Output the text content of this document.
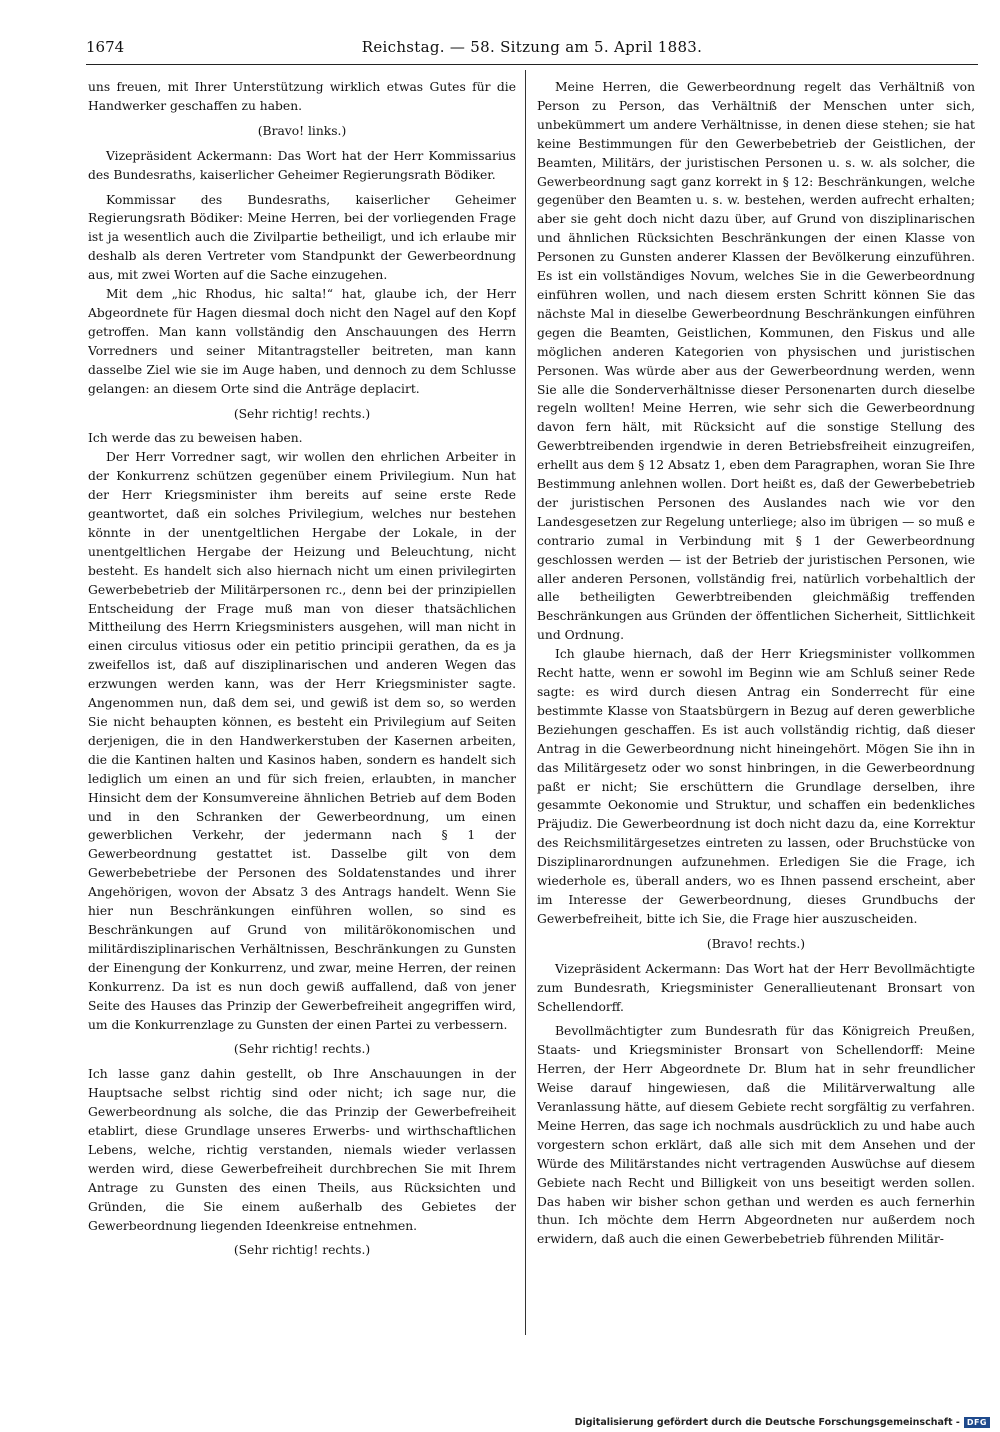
1674	Reichstag. — 58. Sitzung am 5. April 1883.

uns freuen, mit Ihrer Unterstützung wirklich etwas Gutes für die Handwerker geschaffen zu haben.

(Bravo! links.)

Vizepräsident Ackermann: Das Wort hat der Herr Kommissarius des Bundesraths, kaiserlicher Geheimer Regierungsrath Bödiker.

Kommissar des Bundesraths, kaiserlicher Geheimer Regierungsrath Bödiker: Meine Herren, bei der vorliegenden Frage ist ja wesentlich auch die Zivilpartie betheiligt, und ich erlaube mir deshalb als deren Vertreter vom Standpunkt der Gewerbeordnung aus, mit zwei Worten auf die Sache einzugehen.

Mit dem „hic Rhodus, hic salta!“ hat, glaube ich, der Herr Abgeordnete für Hagen diesmal doch nicht den Nagel auf den Kopf getroffen. Man kann vollständig den Anschauungen des Herrn Vorredners und seiner Mitantragsteller beitreten, man kann dasselbe Ziel wie sie im Auge haben, und dennoch zu dem Schlusse gelangen: an diesem Orte sind die Anträge deplacirt.

(Sehr richtig! rechts.)

Ich werde das zu beweisen haben.

Der Herr Vorredner sagt, wir wollen den ehrlichen Arbeiter in der Konkurrenz schützen gegenüber einem Privilegium. Nun hat der Herr Kriegsminister ihm bereits auf seine erste Rede geantwortet, daß ein solches Privilegium, welches nur bestehen könnte in der unentgeltlichen Hergabe der Lokale, in der unentgeltlichen Hergabe der Heizung und Beleuchtung, nicht besteht. Es handelt sich also hiernach nicht um einen privilegirten Gewerbebetrieb der Militärpersonen rc., denn bei der prinzipiellen Entscheidung der Frage muß man von dieser thatsächlichen Mittheilung des Herrn Kriegsministers ausgehen, will man nicht in einen circulus vitiosus oder ein petitio principii gerathen, da es ja zweifellos ist, daß auf disziplinarischen und anderen Wegen das erzwungen werden kann, was der Herr Kriegsminister sagte. Angenommen nun, daß dem sei, und gewiß ist dem so, so werden Sie nicht behaupten können, es besteht ein Privilegium auf Seiten derjenigen, die in den Handwerkerstuben der Kasernen arbeiten, die die Kantinen halten und Kasinos haben, sondern es handelt sich lediglich um einen an und für sich freien, erlaubten, in mancher Hinsicht dem der Konsumvereine ähnlichen Betrieb auf dem Boden und in den Schranken der Gewerbeordnung, um einen gewerblichen Verkehr, der jedermann nach § 1 der Gewerbeordnung gestattet ist. Dasselbe gilt von dem Gewerbebetriebe der Personen des Soldatenstandes und ihrer Angehörigen, wovon der Absatz 3 des Antrags handelt. Wenn Sie hier nun Beschränkungen einführen wollen, so sind es Beschränkungen auf Grund von militärökonomischen und militärdisziplinarischen Verhältnissen, Beschränkungen zu Gunsten der Einengung der Konkurrenz, und zwar, meine Herren, der reinen Konkurrenz. Da ist es nun doch gewiß auffallend, daß von jener Seite des Hauses das Prinzip der Gewerbefreiheit angegriffen wird, um die Konkurrenzlage zu Gunsten der einen Partei zu verbessern.

(Sehr richtig! rechts.)

Ich lasse ganz dahin gestellt, ob Ihre Anschauungen in der Hauptsache selbst richtig sind oder nicht; ich sage nur, die Gewerbeordnung als solche, die das Prinzip der Gewerbefreiheit etablirt, diese Grundlage unseres Erwerbs- und wirthschaftlichen Lebens, welche, richtig verstanden, niemals wieder verlassen werden wird, diese Gewerbefreiheit durchbrechen Sie mit Ihrem Antrage zu Gunsten des einen Theils, aus Rücksichten und Gründen, die Sie einem außerhalb des Gebietes der Gewerbeordnung liegenden Ideenkreise entnehmen.

(Sehr richtig! rechts.)

Meine Herren, die Gewerbeordnung regelt das Verhältniß von Person zu Person, das Verhältniß der Menschen unter sich, unbekümmert um andere Verhältnisse, in denen diese stehen; sie hat keine Bestimmungen für den Gewerbebetrieb der Geistlichen, der Beamten, Militärs, der juristischen Personen u. s. w. als solcher, die Gewerbeordnung sagt ganz korrekt in § 12: Beschränkungen, welche gegenüber den Beamten u. s. w. bestehen, werden aufrecht erhalten; aber sie geht doch nicht dazu über, auf Grund von disziplinarischen und ähnlichen Rücksichten Beschränkungen der einen Klasse von Personen zu Gunsten anderer Klassen der Bevölkerung einzuführen. Es ist ein vollständiges Novum, welches Sie in die Gewerbeordnung einführen wollen, und nach diesem ersten Schritt können Sie das nächste Mal in dieselbe Gewerbeordnung Beschränkungen einführen gegen die Beamten, Geistlichen, Kommunen, den Fiskus und alle möglichen anderen Kategorien von physischen und juristischen Personen. Was würde aber aus der Gewerbeordnung werden, wenn Sie alle die Sonderverhältnisse dieser Personenarten durch dieselbe regeln wollten! Meine Herren, wie sehr sich die Gewerbeordnung davon fern hält, mit Rücksicht auf die sonstige Stellung des Gewerbtreibenden irgendwie in deren Betriebsfreiheit einzugreifen, erhellt aus dem § 12 Absatz 1, eben dem Paragraphen, woran Sie Ihre Bestimmung anlehnen wollen. Dort heißt es, daß der Gewerbebetrieb der juristischen Personen des Auslandes nach wie vor den Landesgesetzen zur Regelung unterliege; also im übrigen — so muß e contrario zumal in Verbindung mit § 1 der Gewerbeordnung geschlossen werden — ist der Betrieb der juristischen Personen, wie aller anderen Personen, vollständig frei, natürlich vorbehaltlich der alle betheiligten Gewerbtreibenden gleichmäßig treffenden Beschränkungen aus Gründen der öffentlichen Sicherheit, Sittlichkeit und Ordnung.

Ich glaube hiernach, daß der Herr Kriegsminister vollkommen Recht hatte, wenn er sowohl im Beginn wie am Schluß seiner Rede sagte: es wird durch diesen Antrag ein Sonderrecht für eine bestimmte Klasse von Staatsbürgern in Bezug auf deren gewerbliche Beziehungen geschaffen. Es ist auch vollständig richtig, daß dieser Antrag in die Gewerbeordnung nicht hineingehört. Mögen Sie ihn in das Militärgesetz oder wo sonst hinbringen, in die Gewerbeordnung paßt er nicht; Sie erschüttern die Grundlage derselben, ihre gesammte Oekonomie und Struktur, und schaffen ein bedenkliches Präjudiz. Die Gewerbeordnung ist doch nicht dazu da, eine Korrektur des Reichsmilitärgesetzes eintreten zu lassen, oder Bruchstücke von Disziplinarordnungen aufzunehmen. Erledigen Sie die Frage, ich wiederhole es, überall anders, wo es Ihnen passend erscheint, aber im Interesse der Gewerbeordnung, dieses Grundbuchs der Gewerbefreiheit, bitte ich Sie, die Frage hier auszuscheiden.

(Bravo! rechts.)

Vizepräsident Ackermann: Das Wort hat der Herr Bevollmächtigte zum Bundesrath, Kriegsminister Generallieutenant Bronsart von Schellendorff.

Bevollmächtigter zum Bundesrath für das Königreich Preußen, Staats- und Kriegsminister Bronsart von Schellendorff: Meine Herren, der Herr Abgeordnete Dr. Blum hat in sehr freundlicher Weise darauf hingewiesen, daß die Militärverwaltung alle Veranlassung hätte, auf diesem Gebiete recht sorgfältig zu verfahren. Meine Herren, das sage ich nochmals ausdrücklich zu und habe auch vorgestern schon erklärt, daß alle sich mit dem Ansehen und der Würde des Militärstandes nicht vertragenden Auswüchse auf diesem Gebiete nach Recht und Billigkeit von uns beseitigt werden sollen. Das haben wir bisher schon gethan und werden es auch fernerhin thun. Ich möchte dem Herrn Abgeordneten nur außerdem noch erwidern, daß auch die einen Gewerbebetrieb führenden Militär-

Digitalisierung gefördert durch die Deutsche Forschungsgemeinschaft - DFG
